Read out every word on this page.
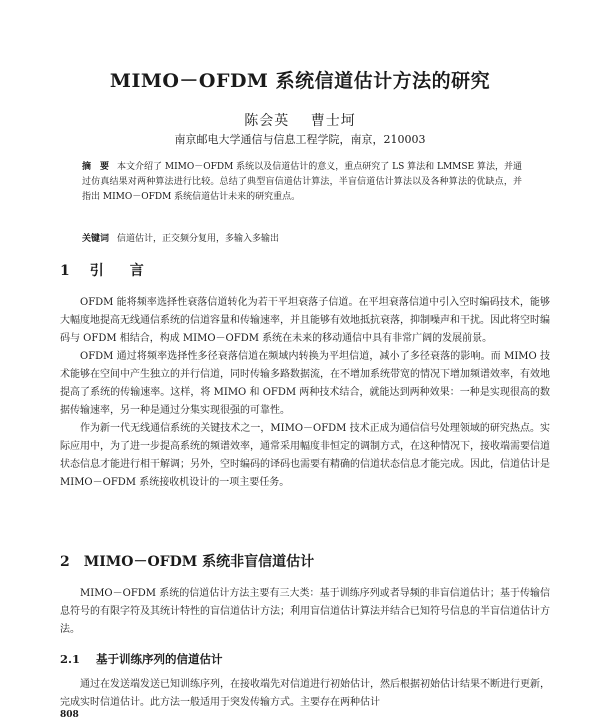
MIMO－OFDM 系统信道估计方法的研究
陈会英 曹士坷
南京邮电大学通信与信息工程学院，南京，210003
摘　要 本文介绍了 MIMO－OFDM 系统以及信道估计的意义，重点研究了 LS 算法和 LMMSE 算法，并通过仿真结果对两种算法进行比较。总结了典型盲信道估计算法，半盲信道估计算法以及各种算法的优缺点，并指出 MIMO－OFDM 系统信道估计未来的研究重点。
关键词 信道估计，正交频分复用，多输入多输出
1 引　言

OFDM 能将频率选择性衰落信道转化为若干平坦衰落子信道。在平坦衰落信道中引入空时编码技术，能够大幅度地提高无线通信系统的信道容量和传输速率，并且能够有效地抵抗衰落，抑制噪声和干扰。因此将空时编码与 OFDM 相结合，构成 MIMO－OFDM 系统在未来的移动通信中具有非常广阔的发展前景。

OFDM 通过将频率选择性多径衰落信道在频域内转换为平坦信道，减小了多径衰落的影响。而 MIMO 技术能够在空间中产生独立的并行信道，同时传输多路数据流，在不增加系统带宽的情况下增加频谱效率，有效地提高了系统的传输速率。这样，将 MIMO 和 OFDM 两种技术结合，就能达到两种效果：一种是实现很高的数据传输速率，另一种是通过分集实现很强的可靠性。

作为新一代无线通信系统的关键技术之一，MIMO－OFDM 技术正成为通信信号处理领域的研究热点。实际应用中，为了进一步提高系统的频谱效率，通常采用幅度非恒定的调制方式，在这种情况下，接收端需要信道状态信息才能进行相干解调；另外，空时编码的译码也需要有精确的信道状态信息才能完成。因此，信道估计是 MIMO－OFDM 系统接收机设计的一项主要任务。

2 MIMO－OFDM 系统非盲信道估计

MIMO－OFDM 系统的信道估计方法主要有三大类：基于训练序列或者导频的非盲信道估计；基于传输信息符号的有限字符及其统计特性的盲信道估计方法；利用盲信道估计算法并结合已知符号信息的半盲信道估计方法。

2.1 基于训练序列的信道估计

通过在发送端发送已知训练序列，在接收端先对信道进行初始估计，然后根据初始估计结果不断进行更新，完成实时信道估计。此方法一般适用于突发传输方式。主要存在两种估计

808
